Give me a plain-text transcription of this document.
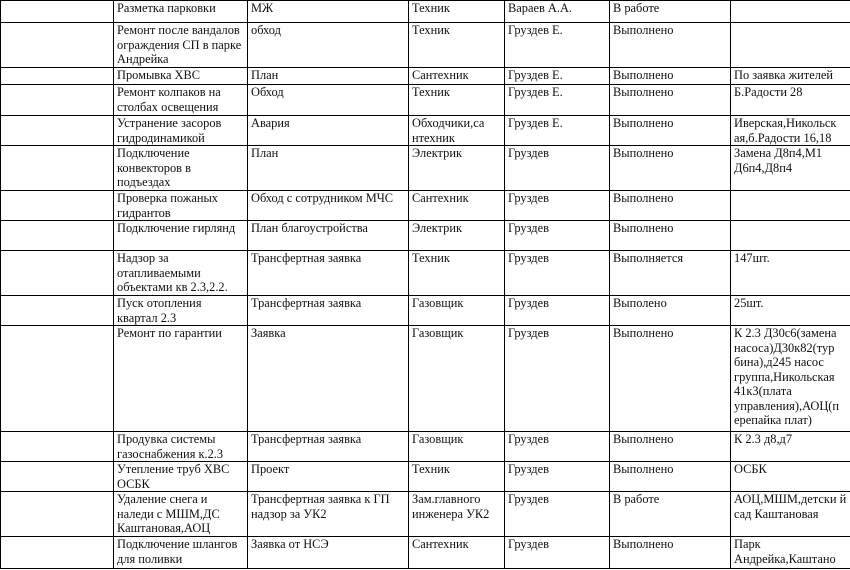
	Разметка парковки	МЖ	Техник	Вараев А.А.	В работе	
	Ремонт после вандалов ограждения СП в парке Андрейка	обход	Техник	Груздев Е.	Выполнено	
	Промывка ХВС	План	Сантехник	Груздев Е.	Выполнено	По заявка жителей
	Ремонт колпаков на столбах освещения	Обход	Техник	Груздев Е.	Выполнено	Б.Радости 28
	Устранение засоров гидродинамикой	Авария	Обходчики,са нтехник	Груздев Е.	Выполнено	Иверская,Никольск ая,б.Радости 16,18
	Подключение конвекторов в подъездах	План	Электрик	Груздев	Выполнено	Замена Д8п4,М1 Д6п4,Д8п4
	Проверка пожаных гидрантов	Обход с сотрудником МЧС	Сантехник	Груздев	Выполнено	
	Подключение гирлянд	План благоустройства	Электрик	Груздев	Выполнено	
	Надзор за отапливаемыми объектами кв 2.3,2.2.	Трансфертная заявка	Техник	Груздев	Выполняется	147шт.
	Пуск отопления квартал 2.3	Трансфертная заявка	Газовщик	Груздев	Выполено	25шт.
	Ремонт по гарантии	Заявка	Газовщик	Груздев	Выполнено	К 2.3 Д30с6(замена насоса)Д30к82(тур бина),д245 насос группа,Никольская 41к3(плата управления),АОЦ(п ерепайка плат)
	Продувка системы газоснабжения к.2.3	Трансфертная заявка	Газовщик	Груздев	Выполнено	К 2.3 д8,д7
	Утепление труб ХВС ОСБК	Проект	Техник	Груздев	Выполнено	ОСБК
	Удаление снега и наледи с МШМ,ДС Каштановая,АОЦ	Трансфертная заявка к ГП надзор за УК2	Зам.главного инженера УК2	Груздев	В работе	АОЦ,МШМ,детски й сад Каштановая
	Подключение шлангов для поливки	Заявка от НСЭ	Сантехник	Груздев	Выполнено	Парк Андрейка,Каштано
